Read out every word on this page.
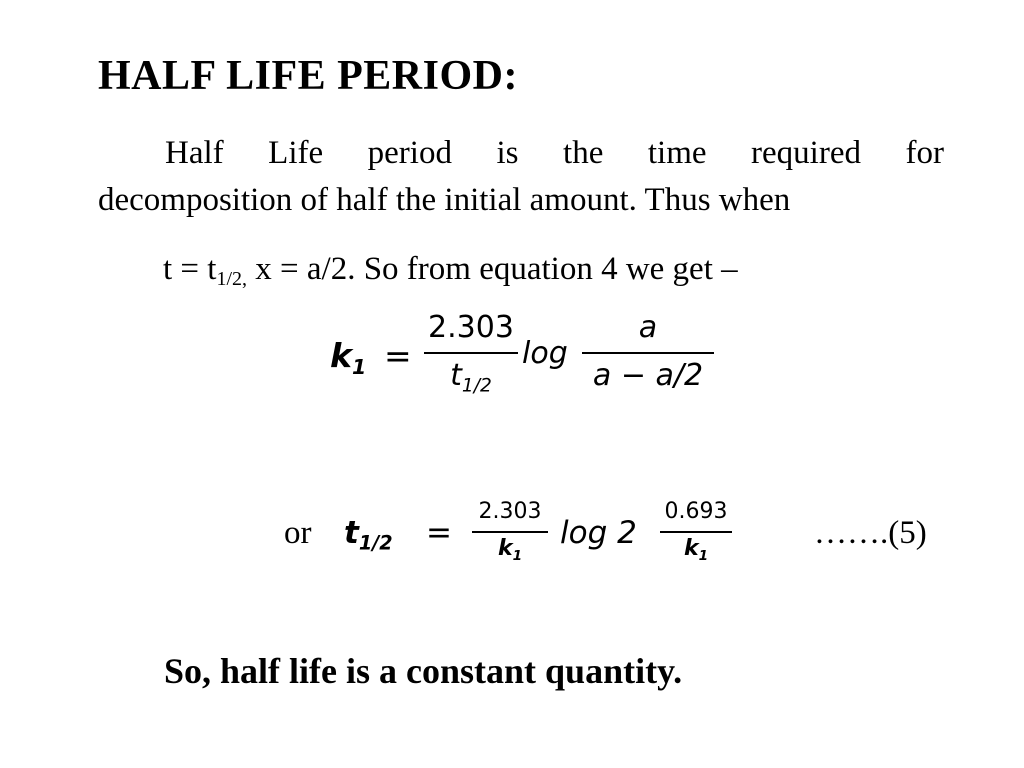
HALF LIFE PERIOD:
Half Life period is the time required for
decomposition of half the initial amount. Thus when
$t = t_{1/2,}$ x = a/2. So from equation 4 we get –
$k_1$ =
2.303
$t_{1/2}$
log
a
a − a/2
or $t_{1/2}$ =
2.303
$k_1$
log 2
0.693
$k_1$
…….(5)
So, half life is a constant quantity.
